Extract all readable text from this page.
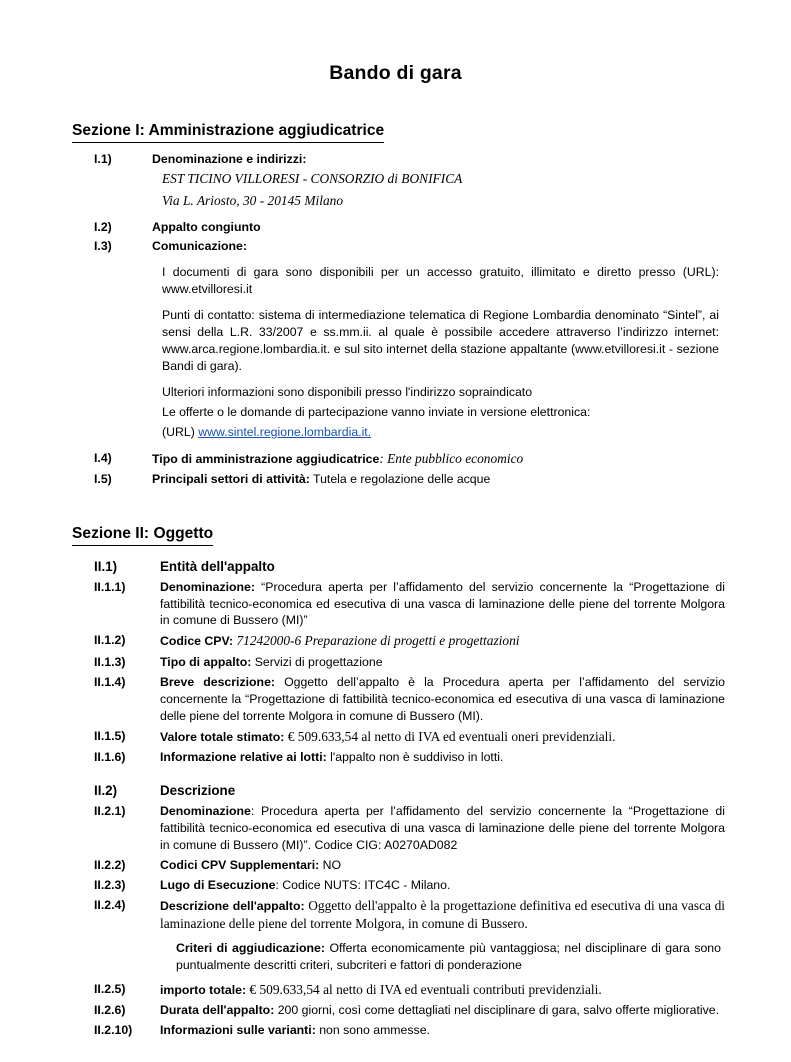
Bando di gara
Sezione I: Amministrazione aggiudicatrice
I.1)	Denominazione e indirizzi:
EST TICINO VILLORESI - CONSORZIO di BONIFICA
Via L. Ariosto, 30 - 20145 Milano
I.2)	Appalto congiunto
I.3)	Comunicazione:
I documenti di gara sono disponibili per un accesso gratuito, illimitato e diretto presso (URL): www.etvilloresi.it
Punti di contatto: sistema di intermediazione telematica di Regione Lombardia denominato “Sintel”, ai sensi della L.R. 33/2007 e ss.mm.ii. al quale è possibile accedere attraverso l’indirizzo internet: www.arca.regione.lombardia.it. e sul sito internet della stazione appaltante (www.etvilloresi.it - sezione Bandi di gara).
Ulteriori informazioni sono disponibili presso l'indirizzo sopraindicato
Le offerte o le domande di partecipazione vanno inviate in versione elettronica:
(URL) www.sintel.regione.lombardia.it.
I.4)	Tipo di amministrazione aggiudicatrice: Ente pubblico economico
I.5)	Principali settori di attività: Tutela e regolazione delle acque
Sezione II: Oggetto
II.1)	Entità dell'appalto
II.1.1)	Denominazione: “Procedura aperta per l’affidamento del servizio concernente la “Progettazione di fattibilità tecnico-economica ed esecutiva di una vasca di laminazione delle piene del torrente Molgora in comune di Bussero (MI)”
II.1.2)	Codice CPV: 71242000-6 Preparazione di progetti e progettazioni
II.1.3)	Tipo di appalto: Servizi di progettazione
II.1.4)	Breve descrizione: Oggetto dell’appalto è la Procedura aperta per l’affidamento del servizio concernente la “Progettazione di fattibilità tecnico-economica ed esecutiva di una vasca di laminazione delle piene del torrente Molgora in comune di Bussero (MI).
II.1.5)	Valore totale stimato: € 509.633,54 al netto di IVA ed eventuali oneri previdenziali.
II.1.6)	Informazione relative ai lotti: l'appalto non è suddiviso in lotti.
II.2)	Descrizione
II.2.1)	Denominazione: Procedura aperta per l’affidamento del servizio concernente la “Progettazione di fattibilità tecnico-economica ed esecutiva di una vasca di laminazione delle piene del torrente Molgora in comune di Bussero (MI)”. Codice CIG: A0270AD082
II.2.2)	Codici CPV Supplementari: NO
II.2.3)	Lugo di Esecuzione: Codice NUTS: ITC4C - Milano.
II.2.4)	Descrizione dell'appalto: Oggetto dell'appalto è la progettazione definitiva ed esecutiva di una vasca di laminazione delle piene del torrente Molgora, in comune di Bussero.
Criteri di aggiudicazione: Offerta economicamente più vantaggiosa; nel disciplinare di gara sono puntualmente descritti criteri, subcriteri e fattori di ponderazione
II.2.5)	importo totale: € 509.633,54 al netto di IVA ed eventuali contributi previdenziali.
II.2.6)	Durata dell'appalto: 200 giorni, così come dettagliati nel disciplinare di gara, salvo offerte migliorative.
II.2.10)	Informazioni sulle varianti: non sono ammesse.
